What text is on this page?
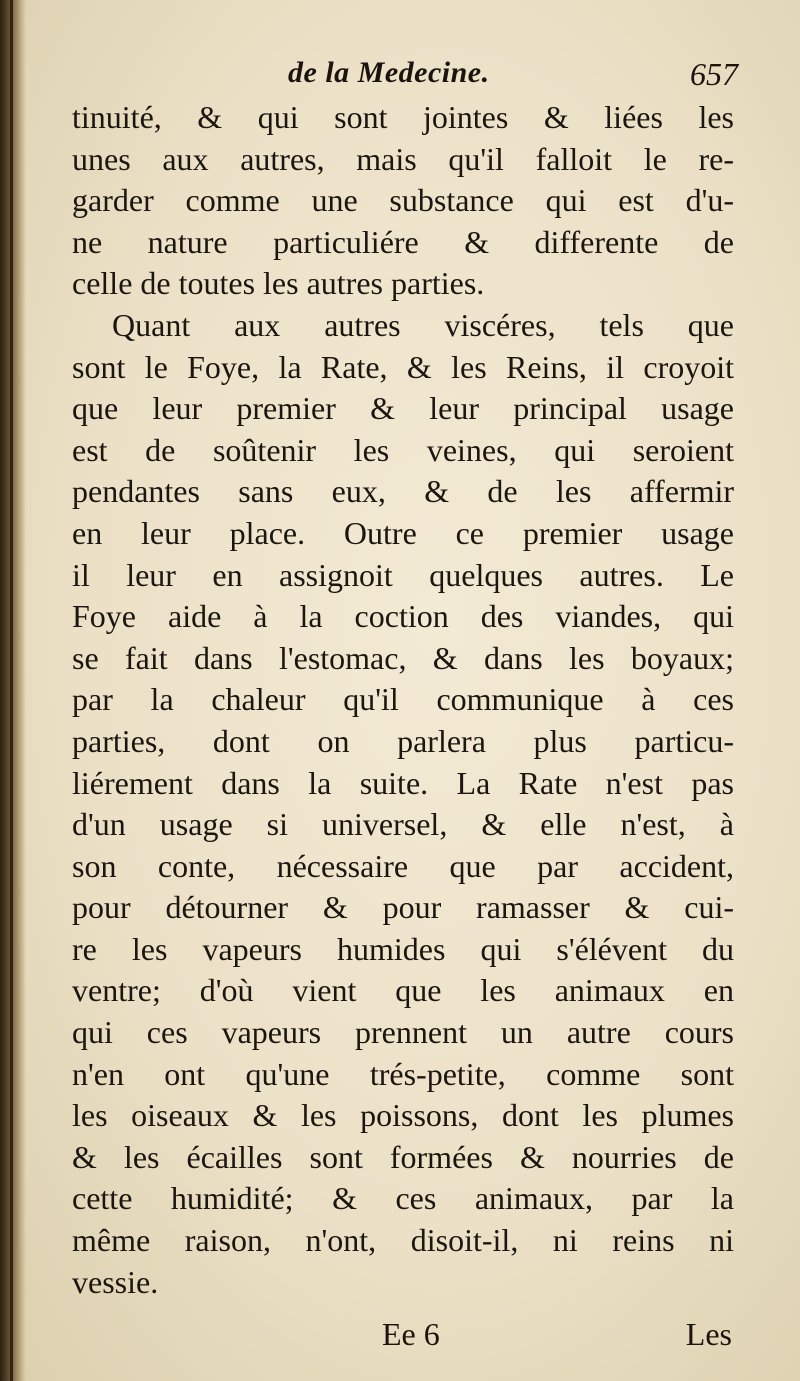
de la Medecine.	657
tinuité, & qui sont jointes & liées les
unes aux autres, mais qu'il falloit le re-
garder comme une substance qui est d'u-
ne nature particuliére & differente de
celle de toutes les autres parties.
Quant aux autres viscéres, tels que
sont le Foye, la Rate, & les Reins, il croyoit
que leur premier & leur principal usage
est de soûtenir les veines, qui seroient
pendantes sans eux, & de les affermir
en leur place. Outre ce premier usage
il leur en assignoit quelques autres. Le
Foye aide à la coction des viandes, qui
se fait dans l'estomac, & dans les boyaux;
par la chaleur qu'il communique à ces
parties, dont on parlera plus particu-
liérement dans la suite. La Rate n'est pas
d'un usage si universel, & elle n'est, à
son conte, nécessaire que par accident,
pour détourner & pour ramasser & cui-
re les vapeurs humides qui s'élévent du
ventre; d'où vient que les animaux en
qui ces vapeurs prennent un autre cours
n'en ont qu'une trés-petite, comme sont
les oiseaux & les poissons, dont les plumes
& les écailles sont formées & nourries de
cette humidité; & ces animaux, par la
même raison, n'ont, disoit-il, ni reins ni
vessie.
Ee 6	Les
